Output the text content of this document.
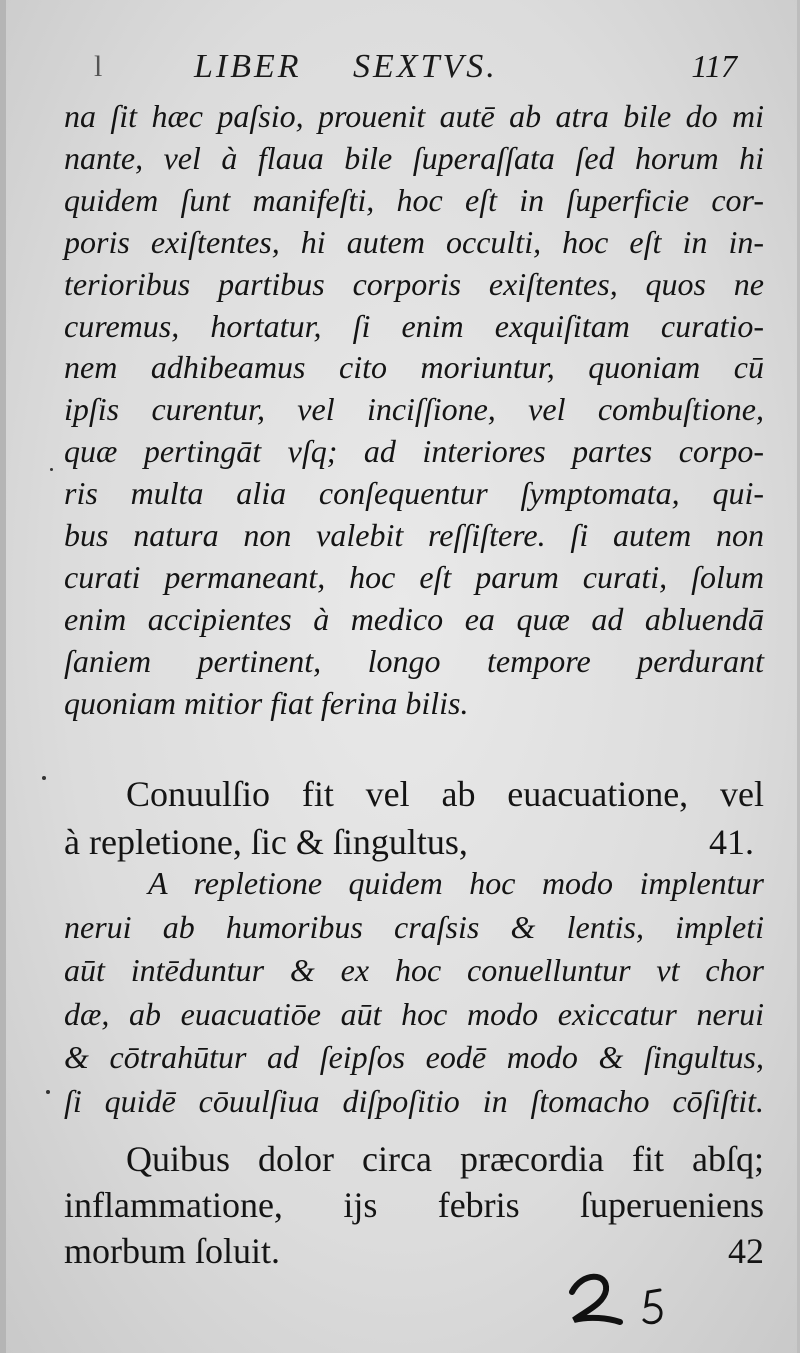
l	LIBER SEXTVS.	117
na ſit hæc paſsio, prouenit autē ab atra bile do mi
nante, vel à flaua bile ſuperaſſata ſed horum hi
quidem ſunt manifeſti, hoc eſt in ſuperficie cor-
poris exiſtentes, hi autem occulti, hoc eſt in in-
terioribus partibus corporis exiſtentes, quos ne
curemus, hortatur, ſi enim exquiſitam curatio-
nem adhibeamus cito moriuntur, quoniam cū
ipſis curentur, vel inciſſione, vel combuſtione,
quæ pertingāt vſq; ad interiores partes corpo-
ris multa alia conſequentur ſymptomata, qui-
bus natura non valebit reſſiſtere. ſi autem non
curati permaneant, hoc eſt parum curati, ſolum
enim accipientes à medico ea quæ ad abluendā
ſaniem pertinent, longo tempore perdurant
quoniam mitior fiat ferina bilis.
Conuulſio fit vel ab euacuatione, vel
à repletione, ſic & ſingultus,	41.
A repletione quidem hoc modo implentur
nerui ab humoribus craſsis & lentis, impleti
aūt intēduntur & ex hoc conuelluntur vt chor
dæ, ab euacuatiōe aūt hoc modo exiccatur nerui
& cōtrahūtur ad ſeipſos eodē modo & ſingultus,
ſi quidē cōuulſiua diſpoſitio in ſtomacho cōſiſtit.
Quibus dolor circa præcordia fit abſq;
inflammatione, ijs febris ſuperueniens
morbum ſoluit.	42
